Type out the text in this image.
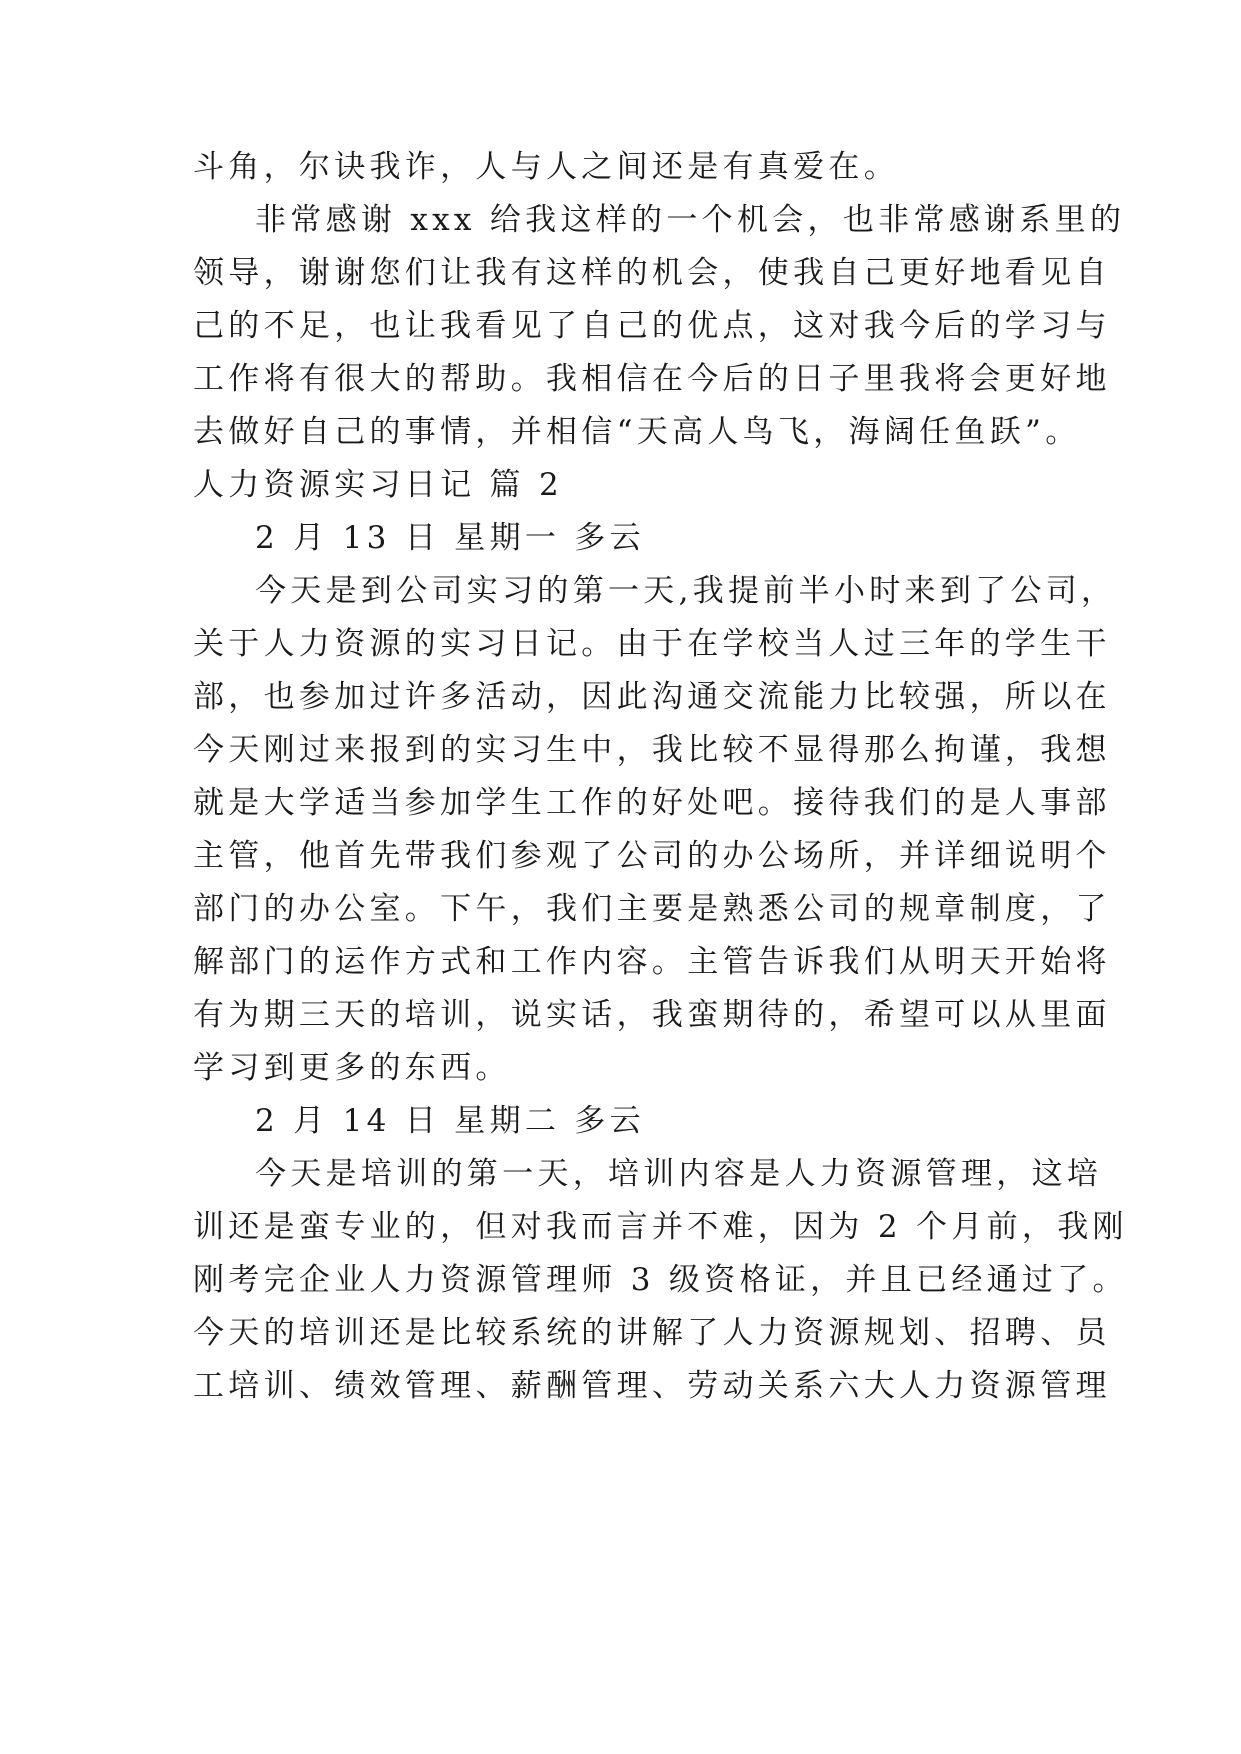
斗角，尔诀我诈，人与人之间还是有真爱在。

非常感谢 xxx 给我这样的一个机会，也非常感谢系里的

领导，谢谢您们让我有这样的机会，使我自己更好地看见自

己的不足，也让我看见了自己的优点，这对我今后的学习与

工作将有很大的帮助。我相信在今后的日子里我将会更好地

去做好自己的事情，并相信“天高人鸟飞，海阔任鱼跃”。

人力资源实习日记 篇 2

2 月 13 日 星期一 多云

今天是到公司实习的第一天,我提前半小时来到了公司，

关于人力资源的实习日记。由于在学校当人过三年的学生干

部，也参加过许多活动，因此沟通交流能力比较强，所以在

今天刚过来报到的实习生中，我比较不显得那么拘谨，我想

就是大学适当参加学生工作的好处吧。接待我们的是人事部

主管，他首先带我们参观了公司的办公场所，并详细说明个

部门的办公室。下午，我们主要是熟悉公司的规章制度，了

解部门的运作方式和工作内容。主管告诉我们从明天开始将

有为期三天的培训，说实话，我蛮期待的，希望可以从里面

学习到更多的东西。

2 月 14 日 星期二 多云

今天是培训的第一天，培训内容是人力资源管理，这培

训还是蛮专业的，但对我而言并不难，因为 2 个月前，我刚

刚考完企业人力资源管理师 3 级资格证，并且已经通过了。

今天的培训还是比较系统的讲解了人力资源规划、招聘、员

工培训、绩效管理、薪酬管理、劳动关系六大人力资源管理
